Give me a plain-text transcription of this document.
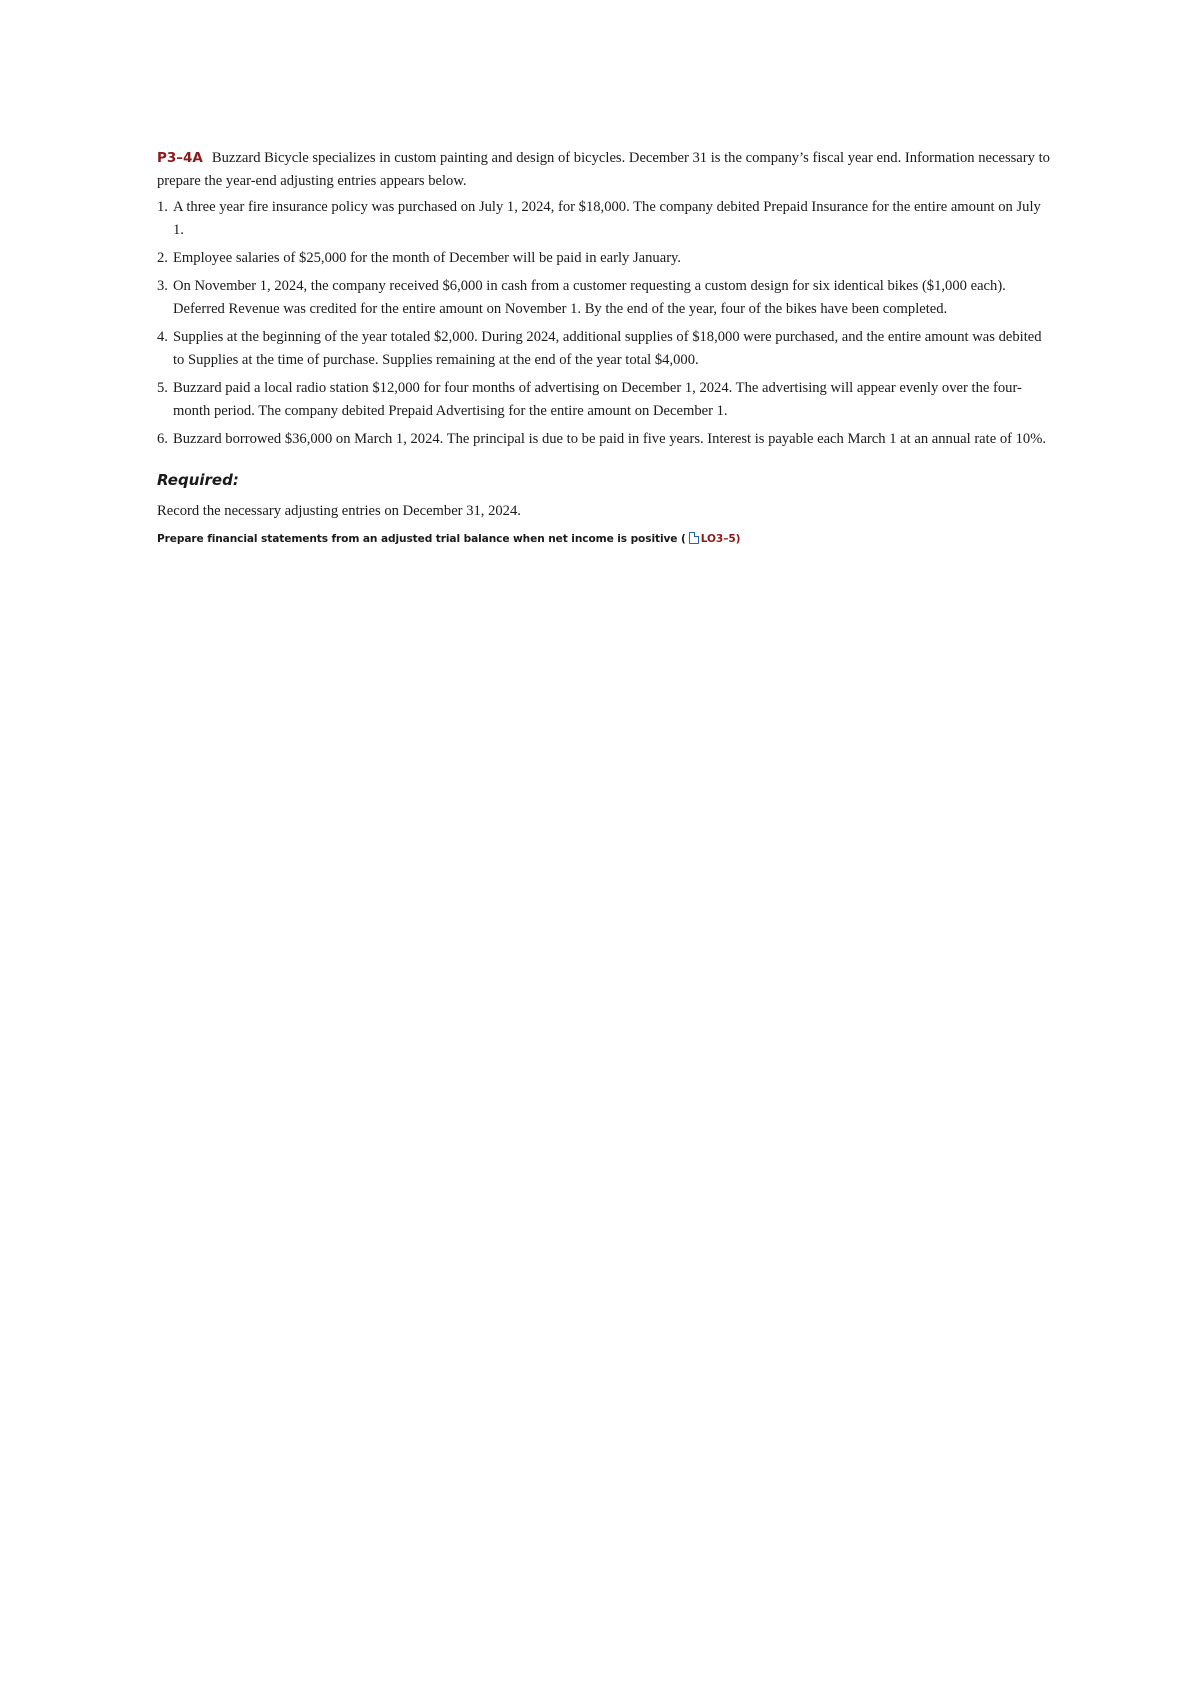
P3–4A Buzzard Bicycle specializes in custom painting and design of bicycles. December 31 is the company’s fiscal year end. Information necessary to prepare the year-end adjusting entries appears below.

1. A three year fire insurance policy was purchased on July 1, 2024, for $18,000. The company debited Prepaid Insurance for the entire amount on July 1.
2. Employee salaries of $25,000 for the month of December will be paid in early January.
3. On November 1, 2024, the company received $6,000 in cash from a customer requesting a custom design for six identical bikes ($1,000 each). Deferred Revenue was credited for the entire amount on November 1. By the end of the year, four of the bikes have been completed.
4. Supplies at the beginning of the year totaled $2,000. During 2024, additional supplies of $18,000 were purchased, and the entire amount was debited to Supplies at the time of purchase. Supplies remaining at the end of the year total $4,000.
5. Buzzard paid a local radio station $12,000 for four months of advertising on December 1, 2024. The advertising will appear evenly over the four-month period. The company debited Prepaid Advertising for the entire amount on December 1.
6. Buzzard borrowed $36,000 on March 1, 2024. The principal is due to be paid in five years. Interest is payable each March 1 at an annual rate of 10%.
Required:

Record the necessary adjusting entries on December 31, 2024.

Prepare financial statements from an adjusted trial balance when net income is positive ( LO3–5)
